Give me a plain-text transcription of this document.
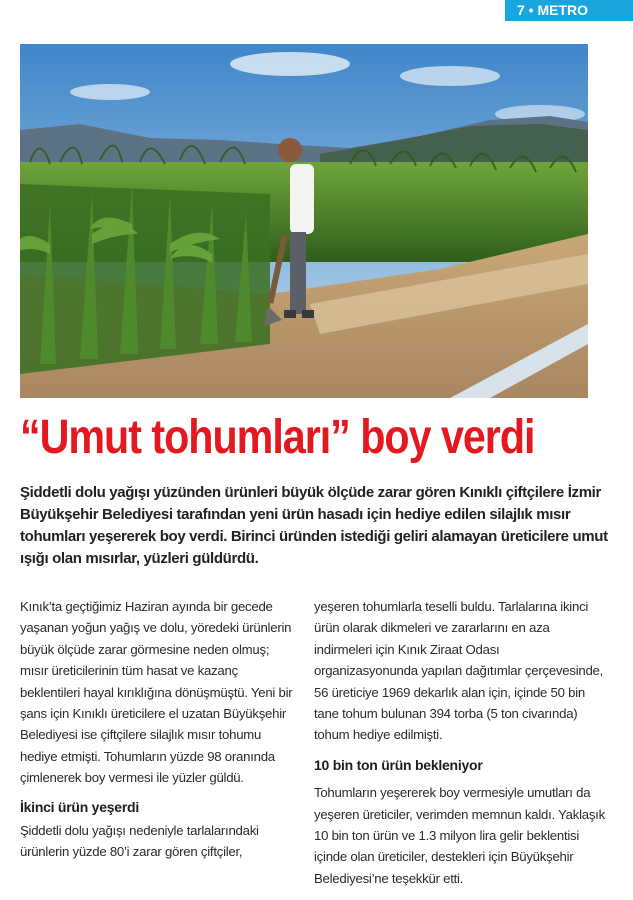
7 • METRO
“Umut tohumları” boy verdi
Şiddetli dolu yağışı yüzünden ürünleri büyük ölçüde zarar gören Kınıklı çiftçilere İzmir Büyükşehir Belediyesi tarafından yeni ürün hasadı için hediye edilen silajlık mısır tohumları yeşererek boy verdi. Birinci üründen istediği geliri alamayan üreticilere umut ışığı olan mısırlar, yüzleri güldürdü.

Kınık’ta geçtiğimiz Haziran ayında bir gecede yaşanan yoğun yağış ve dolu, yöredeki ürünlerin büyük ölçüde zarar görmesine neden olmuş; mısır üreticilerinin tüm hasat ve kazanç beklentileri hayal kırıklığına dönüşmüştü. Yeni bir şans için Kınıklı üreticilere el uzatan Büyükşehir Belediyesi ise çiftçilere silajlık mısır tohumu hediye etmişti. Tohumların yüzde 98 oranında çimlenerek boy vermesi ile yüzler güldü.

İkinci ürün yeşerdi

Şiddetli dolu yağışı nedeniyle tarlalarındaki ürünlerin yüzde 80’i zarar gören çiftçiler,

yeşeren tohumlarla teselli buldu. Tarlalarına ikinci ürün olarak dikmeleri ve zararlarını en aza indirmeleri için Kınık Ziraat Odası organizasyonunda yapılan dağıtımlar çerçevesinde, 56 üreticiye 1969 dekarlık alan için, içinde 50 bin tane tohum bulunan 394 torba (5 ton civarında) tohum hediye edilmişti.

10 bin ton ürün bekleniyor

Tohumların yeşererek boy vermesiyle umutları da yeşeren üreticiler, verimden memnun kaldı. Yaklaşık 10 bin ton ürün ve 1.3 milyon lira gelir beklentisi içinde olan üreticiler, destekleri için Büyükşehir Belediyesi’ne teşekkür etti.
